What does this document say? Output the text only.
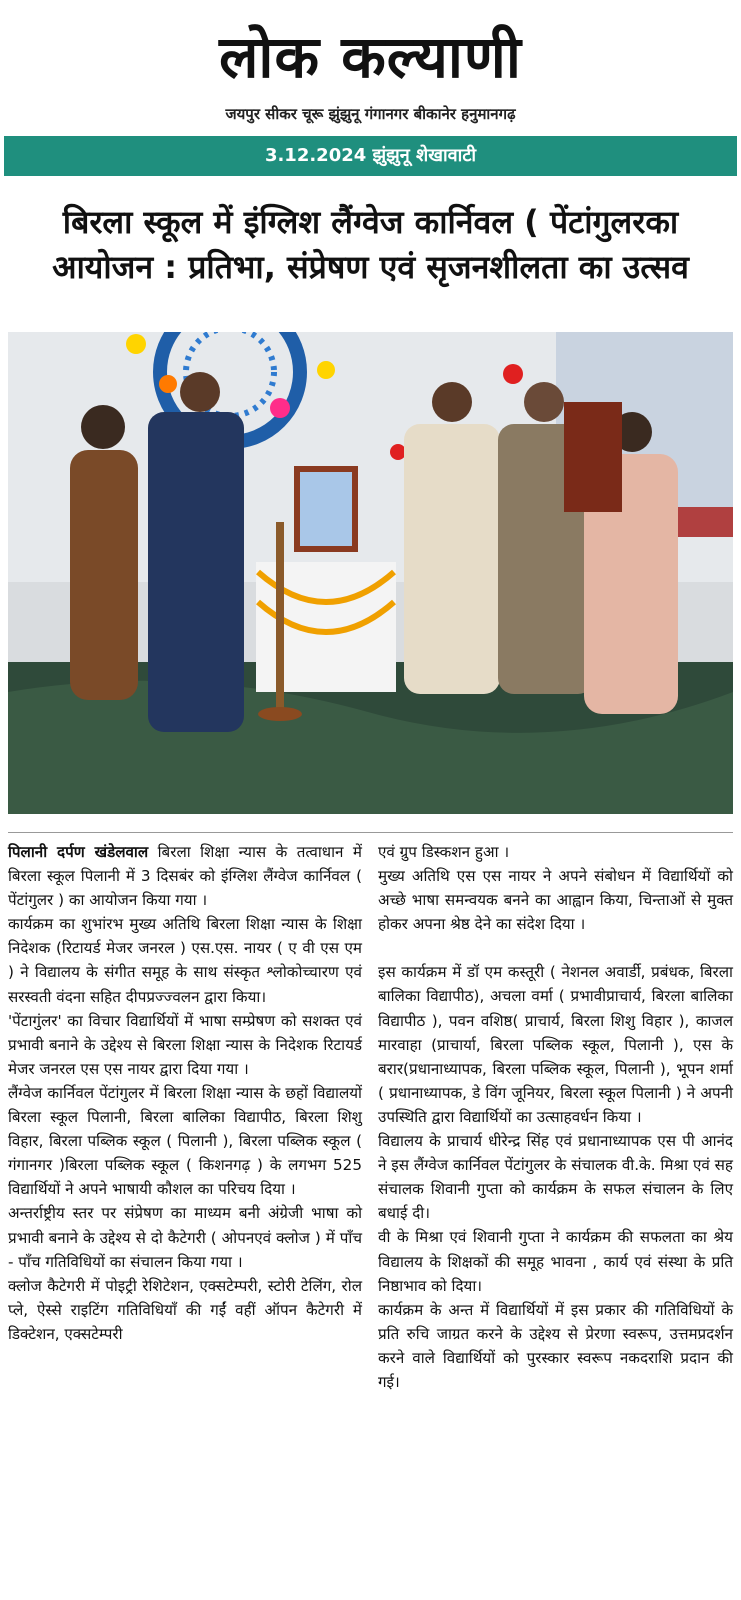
लोक कल्याणी
जयपुर सीकर चूरू झुंझुनू गंगानगर बीकानेर हनुमानगढ़
3.12.2024 झुंझुनू शेखावाटी
बिरला स्कूल में इंग्लिश लैंग्वेज कार्निवल ( पेंटांगुलरका आयोजन : प्रतिभा, संप्रेषण एवं सृजनशीलता का उत्सव

पिलानी दर्पण खंडेलवाल बिरला शिक्षा न्यास के तत्वाधान में बिरला स्कूल पिलानी में 3 दिसबंर को इंग्लिश लैंग्वेज कार्निवल ( पेंटांगुलर ) का आयोजन किया गया ।

कार्यक्रम का शुभांरभ मुख्य अतिथि बिरला शिक्षा न्यास के शिक्षा निदेशक (रिटायर्ड मेजर जनरल ) एस.एस. नायर ( ए वी एस एम ) ने विद्यालय के संगीत समूह के साथ संस्कृत श्लोकोच्चारण एवं सरस्वती वंदना सहित दीपप्रज्ज्वलन द्वारा किया।

'पेंटागुंलर' का विचार विद्यार्थियों में भाषा सम्प्रेषण को सशक्त एवं प्रभावी बनाने के उद्देश्य से बिरला शिक्षा न्यास के निदेशक रिटायर्ड मेजर जनरल एस एस नायर द्वारा दिया गया ।

लैंग्वेज कार्निवल पेंटांगुलर में बिरला शिक्षा न्यास के छहों विद्यालयों बिरला स्कूल पिलानी, बिरला बालिका विद्यापीठ, बिरला शिशु विहार, बिरला पब्लिक स्कूल ( पिलानी ), बिरला पब्लिक स्कूल ( गंगानगर )बिरला पब्लिक स्कूल ( किशनगढ़ ) के लगभग 525 विद्यार्थियों ने अपने भाषायी कौशल का परिचय दिया ।

अन्तर्राष्ट्रीय स्तर पर संप्रेषण का माध्यम बनी अंग्रेजी भाषा को प्रभावी बनाने के उद्देश्य से दो कैटेगरी ( ओपनएवं क्लोज ) में पाँच - पाँच गतिविधियों का संचालन किया गया ।

क्लोज कैटेगरी में पोइट्री रेशिटेशन, एक्सटेम्परी, स्टोरी टेलिंग, रोल प्ले, ऐस्से राइटिंग गतिविधियाँ की गईं वहीं ऑपन कैटेगरी में डिक्टेशन, एक्सटेम्परी

एवं ग्रुप डिस्कशन हुआ ।

मुख्य अतिथि एस एस नायर ने अपने संबोधन में विद्यार्थियों को अच्छे भाषा समन्वयक बनने का आह्वान किया, चिन्ताओं से मुक्त होकर अपना श्रेष्ठ देने का संदेश दिया ।

इस कार्यक्रम में डॉ एम कस्तूरी ( नेशनल अवार्डी, प्रबंधक, बिरला बालिका विद्यापीठ), अचला वर्मा ( प्रभावीप्राचार्य, बिरला बालिका विद्यापीठ ), पवन वशिष्ठ( प्राचार्य, बिरला शिशु विहार ), काजल मारवाहा (प्राचार्या, बिरला पब्लिक स्कूल, पिलानी ), एस के बरार(प्रधानाध्यापक, बिरला पब्लिक स्कूल, पिलानी ), भूपन शर्मा ( प्रधानाध्यापक, डे विंग जूनियर, बिरला स्कूल पिलानी ) ने अपनी उपस्थिति द्वारा विद्यार्थियों का उत्साहवर्धन किया ।

विद्यालय के प्राचार्य धीरेन्द्र सिंह एवं प्रधानाध्यापक एस पी आनंद ने इस लैंग्वेज कार्निवल पेंटांगुलर के संचालक वी.के. मिश्रा एवं सह संचालक शिवानी गुप्ता को कार्यक्रम के सफल संचालन के लिए बधाई दी।

वी के मिश्रा एवं शिवानी गुप्ता ने कार्यक्रम की सफलता का श्रेय विद्यालय के शिक्षकों की समूह भावना , कार्य एवं संस्था के प्रति निष्ठाभाव को दिया।

कार्यक्रम के अन्त में विद्यार्थियों में इस प्रकार की गतिविधियों के प्रति रुचि जाग्रत करने के उद्देश्य से प्रेरणा स्वरूप, उत्तमप्रदर्शन करने वाले विद्यार्थियों को पुरस्कार स्वरूप नकदराशि प्रदान की गई।
